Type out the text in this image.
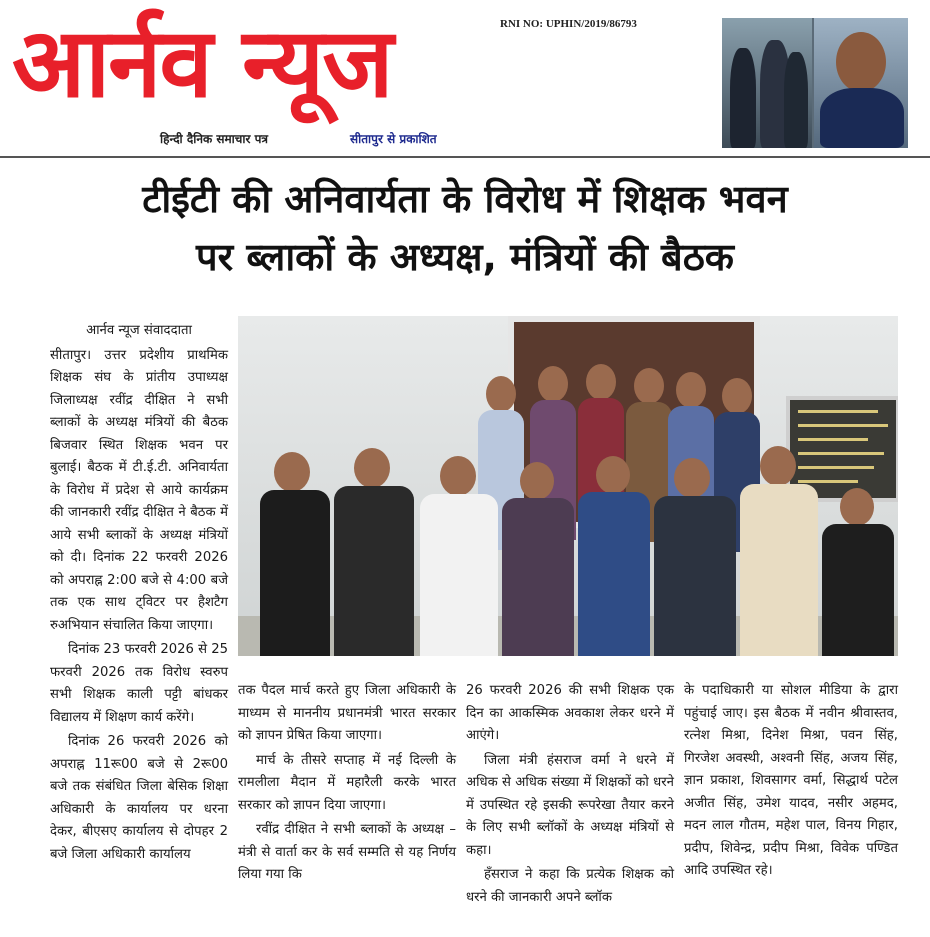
आर्नव न्यूज	RNI NO: UPHIN/2019/86793
हिन्दी दैनिक समाचार पत्र	सीतापुर से प्रकाशित
टीईटी की अनिवार्यता के विरोध में शिक्षक भवन
पर ब्लाकों के अध्यक्ष, मंत्रियों की बैठक

आर्नव न्यूज संवाददाता

सीतापुर। उत्तर प्रदेशीय प्राथमिक शिक्षक संघ के प्रांतीय उपाध्यक्ष जिलाध्यक्ष रवींद्र दीक्षित ने सभी ब्लाकों के अध्यक्ष मंत्रियों की बैठक बिजवार स्थित शिक्षक भवन पर बुलाई। बैठक में टी.ई.टी. अनिवार्यता के विरोध में प्रदेश से आये कार्यक्रम की जानकारी रवींद्र दीक्षित ने बैठक में आये सभी ब्लाकों के अध्यक्ष मंत्रियों को दी। दिनांक 22 फरवरी 2026 को अपराह्न 2:00 बजे से 4:00 बजे तक एक साथ ट्विटर पर हैशटैग रुअभियान संचालित किया जाएगा।

दिनांक 23 फरवरी 2026 से 25 फरवरी 2026 तक विरोध स्वरुप सभी शिक्षक काली पट्टी बांधकर विद्यालय में शिक्षण कार्य करेंगे।

दिनांक 26 फरवरी 2026 को अपराह्न 11रू00 बजे से 2रू00 बजे तक संबंधित जिला बेसिक शिक्षा अधिकारी के कार्यालय पर धरना देकर, बीएसए कार्यालय से दोपहर 2 बजे जिला अधिकारी कार्यालय

तक पैदल मार्च करते हुए जिला अधिकारी के माध्यम से माननीय प्रधानमंत्री भारत सरकार को ज्ञापन प्रेषित किया जाएगा।

मार्च के तीसरे सप्ताह में नई दिल्ली के रामलीला मैदान में महारैली करके भारत सरकार को ज्ञापन दिया जाएगा।

रवींद्र दीक्षित ने सभी ब्लाकों के अध्यक्ष – मंत्री से वार्ता कर के सर्व सम्मति से यह निर्णय लिया गया कि

26 फरवरी 2026 की सभी शिक्षक एक दिन का आकस्मिक अवकाश लेकर धरने में आएंगे।

जिला मंत्री हंसराज वर्मा ने धरने में अधिक से अधिक संख्या में शिक्षकों को धरने में उपस्थित रहे इसकी रूपरेखा तैयार करने के लिए सभी ब्लॉकों के अध्यक्ष मंत्रियों से कहा।

हँसराज ने कहा कि प्रत्येक शिक्षक को धरने की जानकारी अपने ब्लॉक

के पदाधिकारी या सोशल मीडिया के द्वारा पहुंचाई जाए। इस बैठक में नवीन श्रीवास्तव, रत्नेश मिश्रा, दिनेश मिश्रा, पवन सिंह, गिरजेश अवस्थी, अश्वनी सिंह, अजय सिंह, ज्ञान प्रकाश, शिवसागर वर्मा, सिद्धार्थ पटेल अजीत सिंह, उमेश यादव, नसीर अहमद, मदन लाल गौतम, महेश पाल, विनय गिहार, प्रदीप, शिवेन्द्र, प्रदीप मिश्रा, विवेक पण्डित आदि उपस्थित रहे।
